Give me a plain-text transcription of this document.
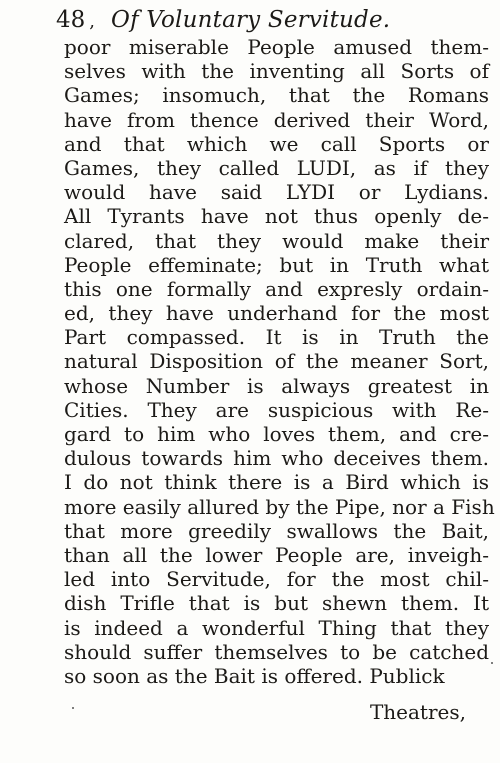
48 , Of Voluntary Servitude.
poor miserable People amused them-
selves with the inventing all Sorts of
Games; insomuch, that the Romans
have from thence derived their Word,
and that which we call Sports or
Games, they called LUDI, as if they
would have said LYDI or Lydians.
All Tyrants have not thus openly de-
clared, that they would make their
People effeminate; but in Truth what
this one formally and expresly ordain-
ed, they have underhand for the most
Part compassed. It is in Truth the
natural Disposition of the meaner Sort,
whose Number is always greatest in
Cities. They are suspicious with Re-
gard to him who loves them, and cre-
dulous towards him who deceives them.
I do not think there is a Bird which is
more easily allured by the Pipe, nor a Fish
that more greedily swallows the Bait,
than all the lower People are, inveigh-
led into Servitude, for the most chil-
dish Trifle that is but shewn them. It
is indeed a wonderful Thing that they
should suffer themselves to be catched
so soon as the Bait is offered. Publick
Theatres,
